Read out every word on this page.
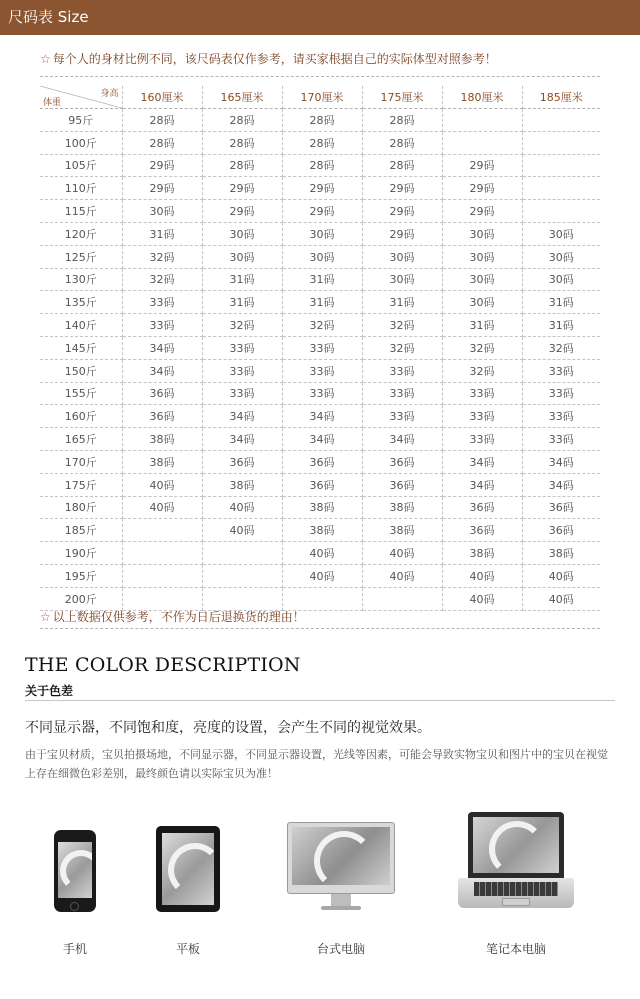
尺码表 Size
☆ 每个人的身材比例不同，该尺码表仅作参考，请买家根据自己的实际体型对照参考！
身高
体重	160厘米	165厘米	170厘米	175厘米	180厘米	185厘米
95斤	28码	28码	28码	28码		
100斤	28码	28码	28码	28码		
105斤	29码	28码	28码	28码	29码	
110斤	29码	29码	29码	29码	29码	
115斤	30码	29码	29码	29码	29码	
120斤	31码	30码	30码	29码	30码	30码
125斤	32码	30码	30码	30码	30码	30码
130斤	32码	31码	31码	30码	30码	30码
135斤	33码	31码	31码	31码	30码	31码
140斤	33码	32码	32码	32码	31码	31码
145斤	34码	33码	33码	32码	32码	32码
150斤	34码	33码	33码	33码	32码	33码
155斤	36码	33码	33码	33码	33码	33码
160斤	36码	34码	34码	33码	33码	33码
165斤	38码	34码	34码	34码	33码	33码
170斤	38码	36码	36码	36码	34码	34码
175斤	40码	38码	36码	36码	34码	34码
180斤	40码	40码	38码	38码	36码	36码
185斤		40码	38码	38码	36码	36码
190斤			40码	40码	38码	38码
195斤			40码	40码	40码	40码
200斤					40码	40码
☆ 以上数据仅供参考，不作为日后退换货的理由！
THE COLOR DESCRIPTION
关于色差
不同显示器，不同饱和度，亮度的设置，会产生不同的视觉效果。
由于宝贝材质，宝贝拍摄场地，不同显示器，不同显示器设置，光线等因素，可能会导致实物宝贝和图片中的宝贝在视觉上存在细微色彩差别，最终颜色请以实际宝贝为准！
手机	平板	台式电脑	笔记本电脑
